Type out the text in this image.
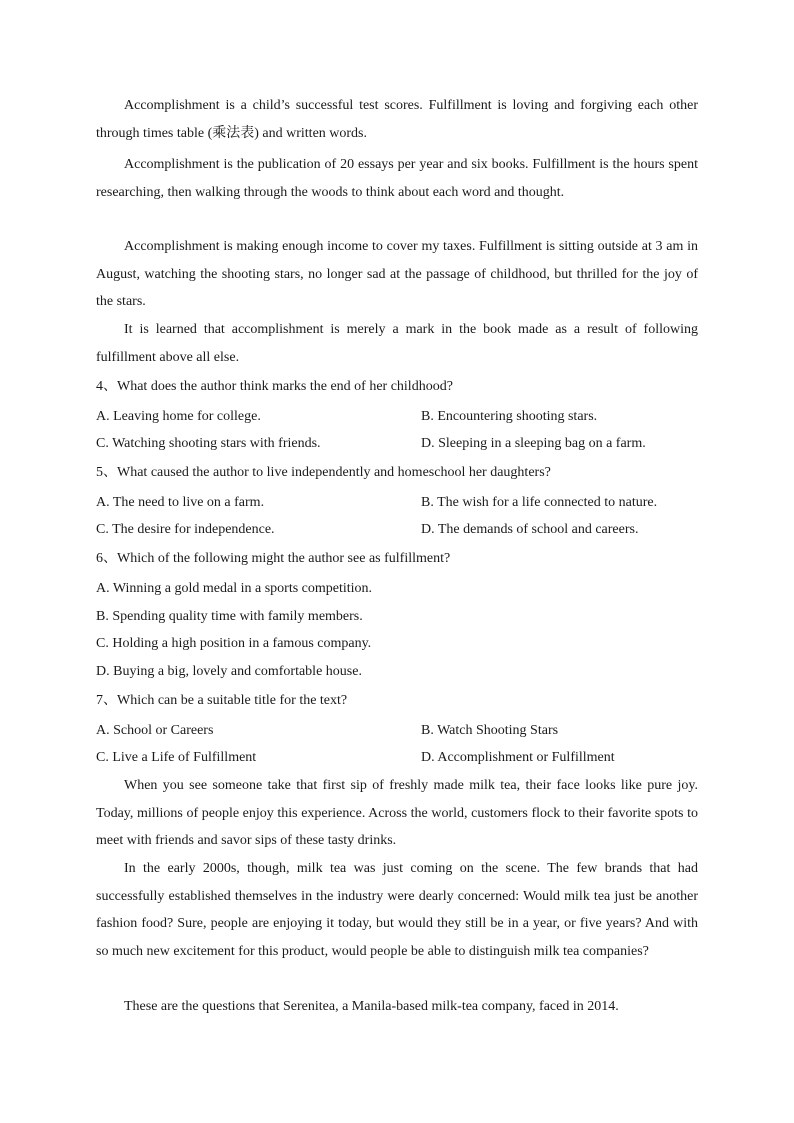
Accomplishment is a child’s successful test scores. Fulfillment is loving and forgiving each other through times table (乘法表) and written words.

Accomplishment is the publication of 20 essays per year and six books. Fulfillment is the hours spent researching, then walking through the woods to think about each word and thought.

Accomplishment is making enough income to cover my taxes. Fulfillment is sitting outside at 3 am in August, watching the shooting stars, no longer sad at the passage of childhood, but thrilled for the joy of the stars.

It is learned that accomplishment is merely a mark in the book made as a result of following fulfillment above all else.

4、What does the author think marks the end of her childhood?

A. Leaving home for college.	B. Encountering shooting stars.

C. Watching shooting stars with friends.	D. Sleeping in a sleeping bag on a farm.

5、What caused the author to live independently and homeschool her daughters?

A. The need to live on a farm.	B. The wish for a life connected to nature.

C. The desire for independence.	D. The demands of school and careers.

6、Which of the following might the author see as fulfillment?

A. Winning a gold medal in a sports competition.

B. Spending quality time with family members.

C. Holding a high position in a famous company.

D. Buying a big, lovely and comfortable house.

7、Which can be a suitable title for the text?

A. School or Careers	B. Watch Shooting Stars

C. Live a Life of Fulfillment	D. Accomplishment or Fulfillment

When you see someone take that first sip of freshly made milk tea, their face looks like pure joy. Today, millions of people enjoy this experience. Across the world, customers flock to their favorite spots to meet with friends and savor sips of these tasty drinks.

In the early 2000s, though, milk tea was just coming on the scene. The few brands that had successfully established themselves in the industry were dearly concerned: Would milk tea just be another fashion food? Sure, people are enjoying it today, but would they still be in a year, or five years? And with so much new excitement for this product, would people be able to distinguish milk tea companies?

These are the questions that Serenitea, a Manila-based milk-tea company, faced in 2014.
